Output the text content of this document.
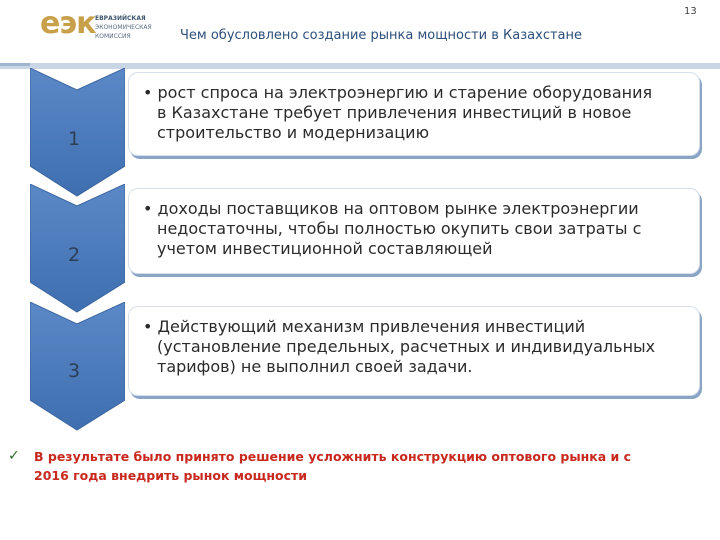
еэк ЕВРАЗИЙСКАЯ
ЭКОНОМИЧЕСКАЯ
КОМИССИЯ	Чем обусловлено создание рынка мощности в Казахстане
13
1

• рост спроса на электроэнергию и старение оборудования

в Казахстане требует привлечения инвестиций в новое

строительство и модернизацию

2

• доходы поставщиков на оптовом рынке электроэнергии

недостаточны, чтобы полностью окупить свои затраты с

учетом инвестиционной составляющей

3

• Действующий механизм привлечения инвестиций

(установление предельных, расчетных и индивидуальных

тарифов) не выполнил своей задачи.

✓	В результате было принято решение усложнить конструкцию оптового рынка и с
2016 года внедрить рынок мощности
